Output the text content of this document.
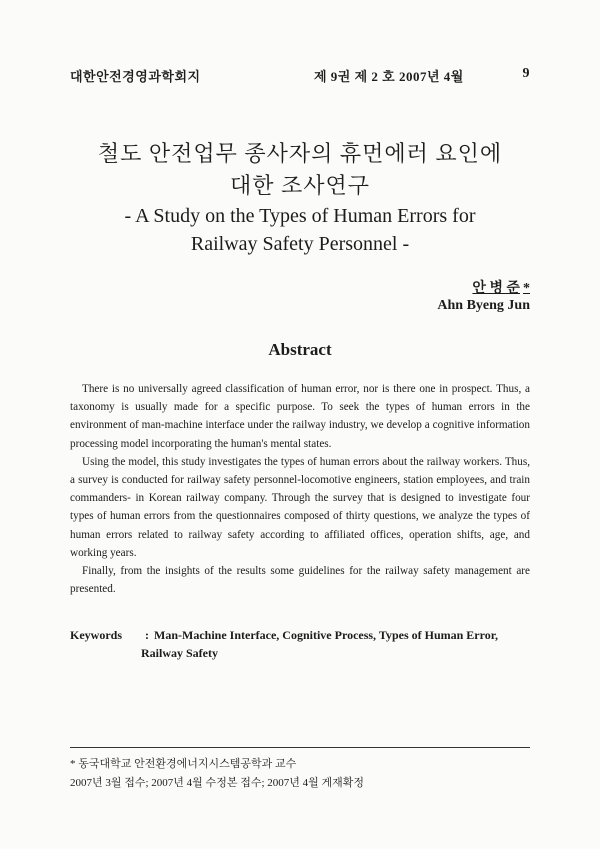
대한안전경영과학회지	제 9권 제 2 호 2007년 4월	9
철도 안전업무 종사자의 휴먼에러 요인에
대한 조사연구
- A Study on the Types of Human Errors for
Railway Safety Personnel -
안 병 준 *
Ahn Byeng Jun
Abstract

There is no universally agreed classification of human error, nor is there one in prospect. Thus, a taxonomy is usually made for a specific purpose. To seek the types of human errors in the environment of man-machine interface under the railway industry, we develop a cognitive information processing model incorporating the human's mental states.

Using the model, this study investigates the types of human errors about the railway workers. Thus, a survey is conducted for railway safety personnel-locomotive engineers, station employees, and train commanders- in Korean railway company. Through the survey that is designed to investigate four types of human errors from the questionnaires composed of thirty questions, we analyze the types of human errors related to railway safety according to affiliated offices, operation shifts, age, and working years.

Finally, from the insights of the results some guidelines for the railway safety management are presented.

Keywords : Man-Machine Interface, Cognitive Process, Types of Human Error,
Railway Safety
* 동국대학교 안전환경에너지시스템공학과 교수
2007년 3월 접수; 2007년 4월 수정본 접수; 2007년 4월 게재확정
